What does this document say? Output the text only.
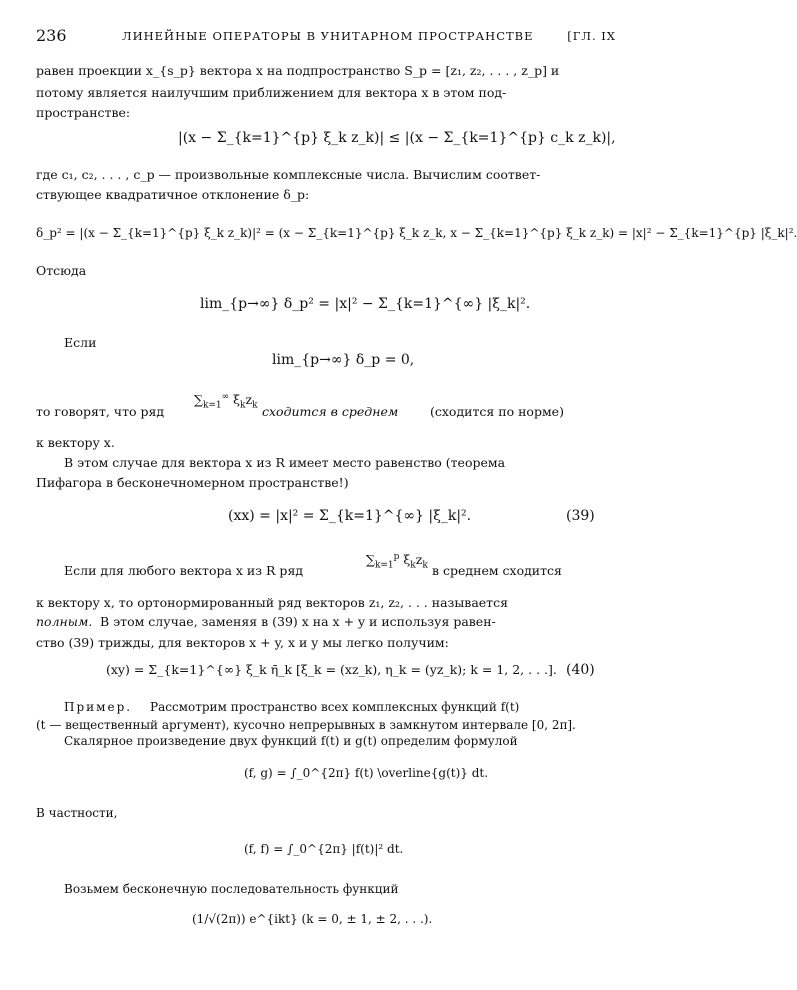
236	ЛИНЕЙНЫЕ ОПЕРАТОРЫ В УНИТАРНОМ ПРОСТРАНСТВЕ	[ГЛ. IX
равен проекции x_{s_p} вектора x на подпространство S_p = [z₁, z₂, . . . , z_p] и
потому является наилучшим приближением для вектора x в этом под-
пространстве:
|(x − Σ_{k=1}^{p} ξ_k z_k)| ≤ |(x − Σ_{k=1}^{p} c_k z_k)|,
где c₁, c₂, . . . , c_p — произвольные комплексные числа. Вычислим соответ-
ствующее квадратичное отклонение δ_p:
δ_p² = |(x − Σ_{k=1}^{p} ξ_k z_k)|² = (x − Σ_{k=1}^{p} ξ_k z_k, x − Σ_{k=1}^{p} ξ_k z_k) = |x|² − Σ_{k=1}^{p} |ξ_k|².
Отсюда
lim_{p→∞} δ_p² = |x|² − Σ_{k=1}^{∞} |ξ_k|².
Если
lim_{p→∞} δ_p = 0,
то говорят, что ряд
$\sum_{k=1}^\infty$ $\xi_kz_k$ сходится в среднем	(сходится по норме)
к вектору x.
В этом случае для вектора x из R имеет место равенство (теорема
Пифагора в бесконечномерном пространстве!)
(xx) = |x|² = Σ_{k=1}^{∞} |ξ_k|².	(39)
Если для любого вектора x из R ряд
$\sum_{k=1}^p$ $\xi_kz_k$ в среднем сходится
к вектору x, то ортонормированный ряд векторов z₁, z₂, . . . называется
полным. В этом случае, заменяя в (39) x на x + y и используя равен-
ство (39) трижды, для векторов x + y, x и y мы легко получим:
(xy) = Σ_{k=1}^{∞} ξ_k η̄_k [ξ_k = (xz_k), η_k = (yz_k); k = 1, 2, . . .]. (40)
Пример. Рассмотрим пространство всех комплексных функций f(t)
(t — вещественный аргумент), кусочно непрерывных в замкнутом интервале [0, 2π].
Скалярное произведение двух функций f(t) и g(t) определим формулой
(f, g) = ∫_0^{2π} f(t) \overline{g(t)} dt.
В частности,
(f, f) = ∫_0^{2π} |f(t)|² dt.
Возьмем бесконечную последовательность функций
(1/√(2π)) e^{ikt} (k = 0, ± 1, ± 2, . . .).
